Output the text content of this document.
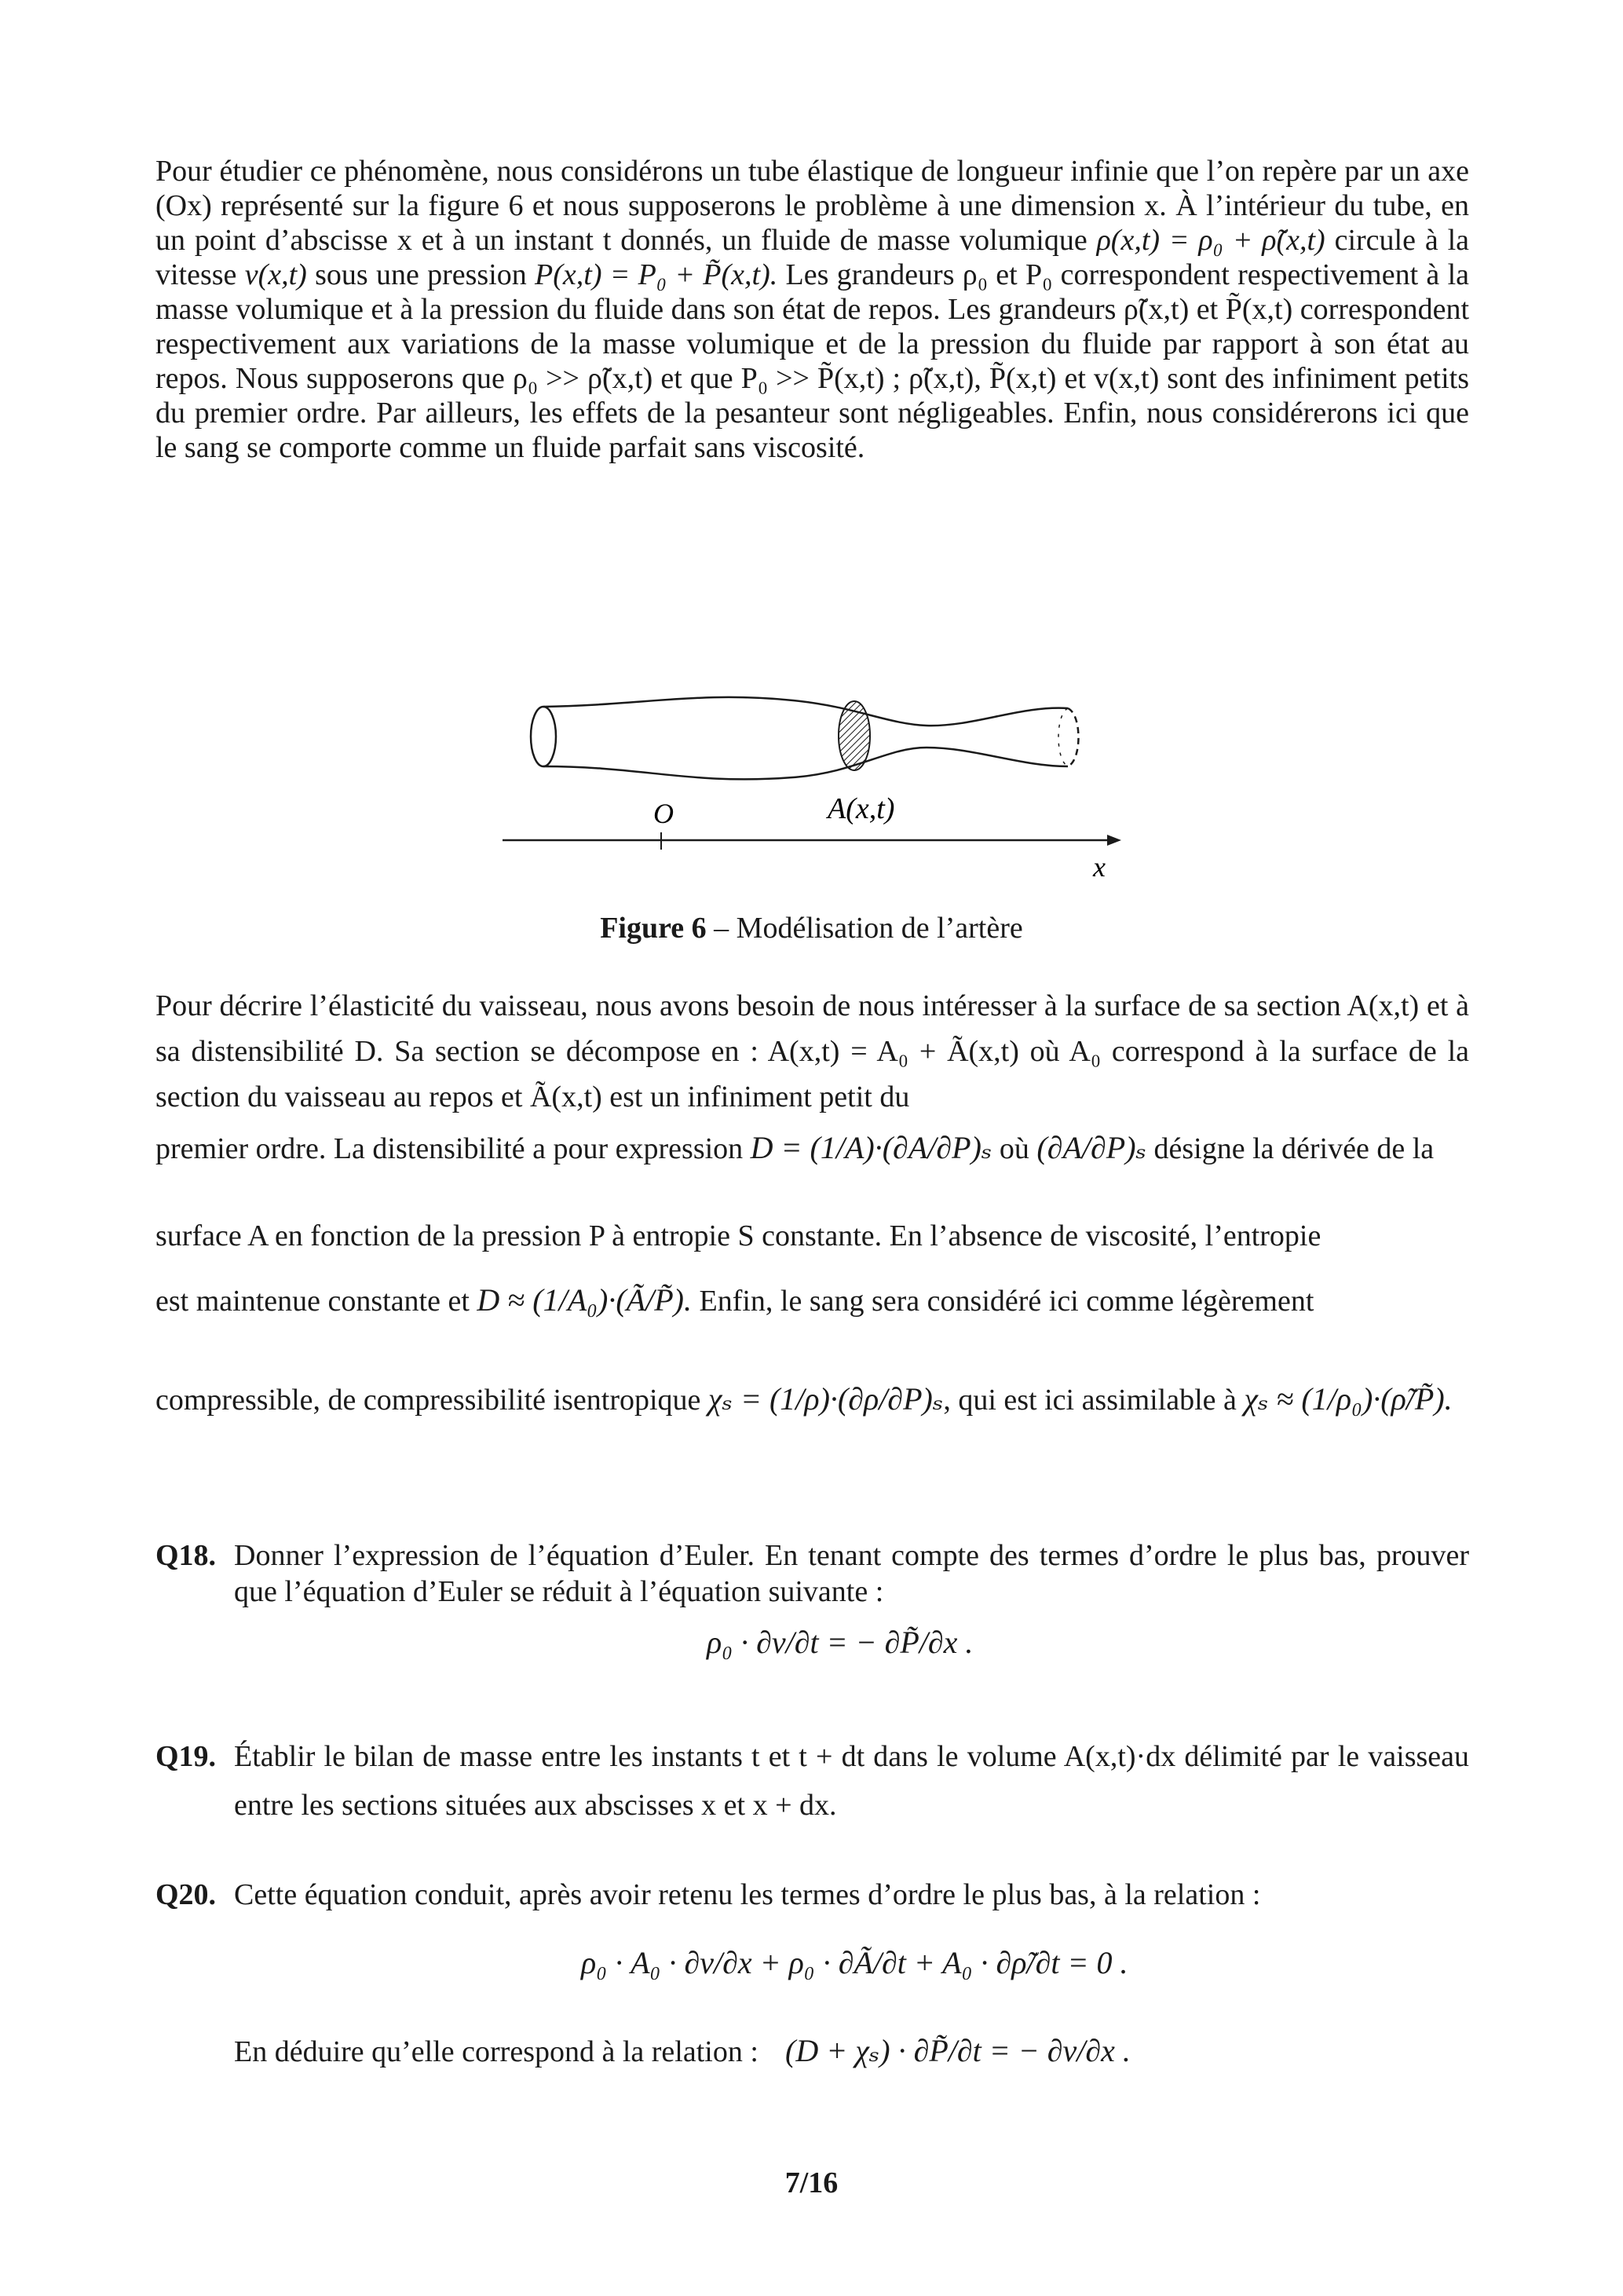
Pour étudier ce phénomène, nous considérons un tube élastique de longueur infinie que l’on repère par un axe (Ox) représenté sur la figure 6 et nous supposerons le problème à une dimension x. À l’intérieur du tube, en un point d’abscisse x et à un instant t donnés, un fluide de masse volumique ρ(x,t) = ρ₀ + ρ̃(x,t) circule à la vitesse v(x,t) sous une pression P(x,t) = P₀ + P̃(x,t). Les grandeurs ρ₀ et P₀ correspondent respectivement à la masse volumique et à la pression du fluide dans son état de repos. Les grandeurs ρ̃(x,t) et P̃(x,t) correspondent respectivement aux variations de la masse volumique et de la pression du fluide par rapport à son état au repos. Nous supposerons que ρ₀ >> ρ̃(x,t) et que P₀ >> P̃(x,t) ; ρ̃(x,t), P̃(x,t) et v(x,t) sont des infiniment petits du premier ordre. Par ailleurs, les effets de la pesanteur sont négligeables. Enfin, nous considérerons ici que le sang se comporte comme un fluide parfait sans viscosité.
O	A(x,t)
x
Figure 6 – Modélisation de l’artère
Pour décrire l’élasticité du vaisseau, nous avons besoin de nous intéresser à la surface de sa section A(x,t) et à sa distensibilité D. Sa section se décompose en : A(x,t) = A₀ + Ã(x,t) où A₀ correspond à la surface de la section du vaisseau au repos et Ã(x,t) est un infiniment petit du
premier ordre. La distensibilité a pour expression D = (1/A)·(∂A/∂P)ₛ où (∂A/∂P)ₛ désigne la dérivée de la
surface A en fonction de la pression P à entropie S constante. En l’absence de viscosité, l’entropie
est maintenue constante et D ≈ (1/A₀)·(Ã/P̃). Enfin, le sang sera considéré ici comme légèrement
compressible, de compressibilité isentropique χₛ = (1/ρ)·(∂ρ/∂P)ₛ, qui est ici assimilable à χₛ ≈ (1/ρ₀)·(ρ̃/P̃).
Q18. Donner l’expression de l’équation d’Euler. En tenant compte des termes d’ordre le plus bas, prouver que l’équation d’Euler se réduit à l’équation suivante :
ρ₀ · ∂v/∂t = − ∂P̃/∂x .
Q19. Établir le bilan de masse entre les instants t et t + dt dans le volume A(x,t)·dx délimité par le vaisseau entre les sections situées aux abscisses x et x + dx.
Q20. Cette équation conduit, après avoir retenu les termes d’ordre le plus bas, à la relation :
ρ₀ · A₀ · ∂v/∂x + ρ₀ · ∂Ã/∂t + A₀ · ∂ρ̃/∂t = 0 .
En déduire qu’elle correspond à la relation : (D + χₛ) · ∂P̃/∂t = − ∂v/∂x .
7/16
